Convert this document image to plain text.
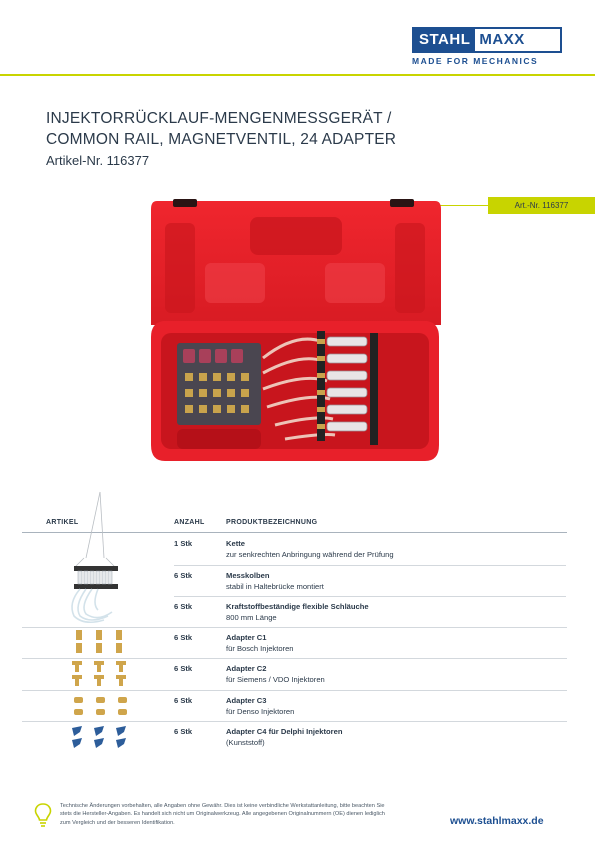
STAHL MAXX
MADE FOR MECHANICS
INJEKTORRÜCKLAUF-MENGENMESSGERÄT /
COMMON RAIL, MAGNETVENTIL, 24 ADAPTER
Artikel-Nr. 116377
Art.-Nr. 116377
ARTIKEL	ANZAHL	PRODUKTBEZEICHNUNG
1 Stk	Kette
zur senkrechten Anbringung während der Prüfung
6 Stk	Messkolben
stabil in Haltebrücke montiert
6 Stk	Kraftstoffbeständige flexible Schläuche
800 mm Länge
6 Stk	Adapter C1
für Bosch Injektoren
6 Stk	Adapter C2
für Siemens / VDO Injektoren
6 Stk	Adapter C3
für Denso Injektoren
6 Stk	Adapter C4 für Delphi Injektoren
(Kunststoff)
Technische Änderungen vorbehalten, alle Angaben ohne Gewähr. Dies ist keine verbindliche Werkstattanleitung, bitte beachten Sie
stets die Hersteller-Angaben. Es handelt sich nicht um Originalwerkzeug. Alle angegebenen Originalnummern (OE) dienen lediglich
zum Vergleich und der besseren Identifikation.	www.stahlmaxx.de
